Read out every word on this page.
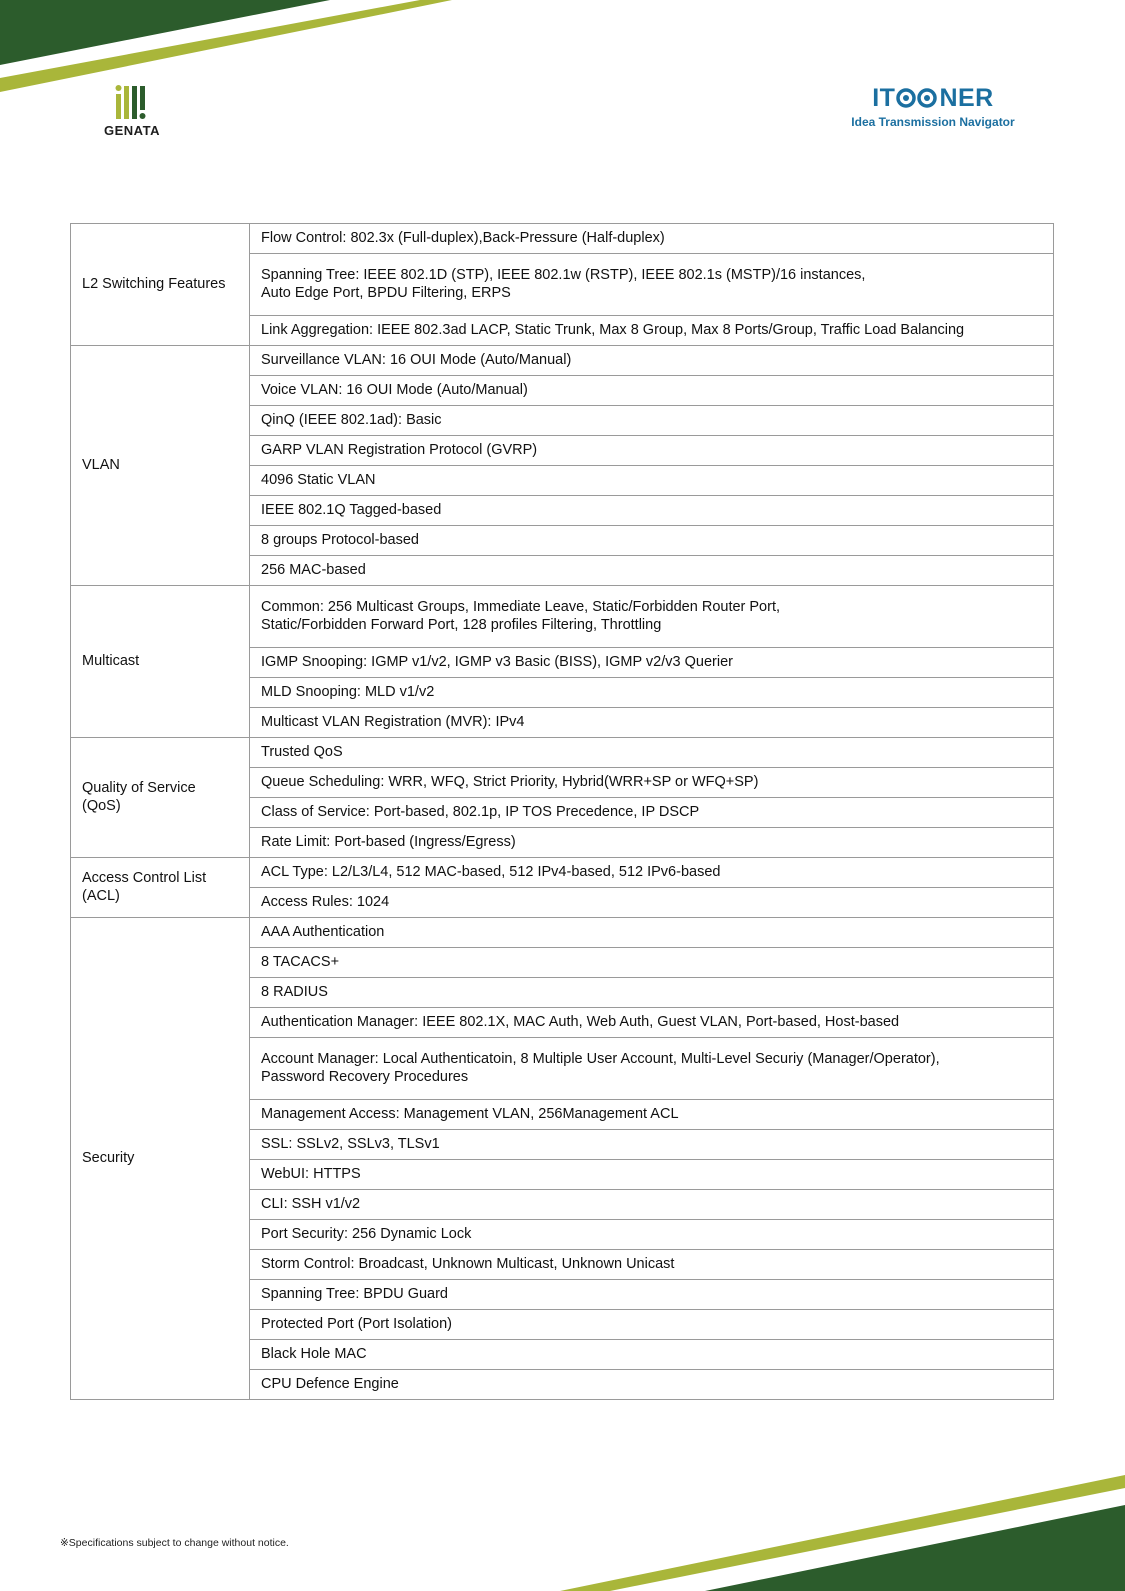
GENATA
IT NER
Idea Transmission Navigator
L2 Switching Features	Flow Control: 802.3x (Full-duplex),Back-Pressure (Half-duplex)
	Spanning Tree: IEEE 802.1D (STP), IEEE 802.1w (RSTP), IEEE 802.1s (MSTP)/16 instances,
Auto Edge Port, BPDU Filtering, ERPS
	Link Aggregation: IEEE 802.3ad LACP, Static Trunk, Max 8 Group, Max 8 Ports/Group, Traffic Load Balancing
VLAN	Surveillance VLAN: 16 OUI Mode (Auto/Manual)
	Voice VLAN: 16 OUI Mode (Auto/Manual)
	QinQ (IEEE 802.1ad): Basic
	GARP VLAN Registration Protocol (GVRP)
	4096 Static VLAN
	IEEE 802.1Q Tagged-based
	8 groups Protocol-based
	256 MAC-based
Multicast	Common: 256 Multicast Groups, Immediate Leave, Static/Forbidden Router Port,
Static/Forbidden Forward Port, 128 profiles Filtering, Throttling
	IGMP Snooping: IGMP v1/v2, IGMP v3 Basic (BISS), IGMP v2/v3 Querier
	MLD Snooping: MLD v1/v2
	Multicast VLAN Registration (MVR): IPv4
Quality of Service
(QoS)	Trusted QoS
	Queue Scheduling: WRR, WFQ, Strict Priority, Hybrid(WRR+SP or WFQ+SP)
	Class of Service: Port-based, 802.1p, IP TOS Precedence, IP DSCP
	Rate Limit: Port-based (Ingress/Egress)
Access Control List
(ACL)	ACL Type: L2/L3/L4, 512 MAC-based, 512 IPv4-based, 512 IPv6-based
	Access Rules: 1024
Security	AAA Authentication
	8 TACACS+
	8 RADIUS
	Authentication Manager: IEEE 802.1X, MAC Auth, Web Auth, Guest VLAN, Port-based, Host-based
	Account Manager: Local Authenticatoin, 8 Multiple User Account, Multi-Level Securiy (Manager/Operator),
Password Recovery Procedures
	Management Access: Management VLAN, 256Management ACL
	SSL: SSLv2, SSLv3, TLSv1
	WebUI: HTTPS
	CLI: SSH v1/v2
	Port Security: 256 Dynamic Lock
	Storm Control: Broadcast, Unknown Multicast, Unknown Unicast
	Spanning Tree: BPDU Guard
	Protected Port (Port Isolation)
	Black Hole MAC
	CPU Defence Engine
※Specifications subject to change without notice.
